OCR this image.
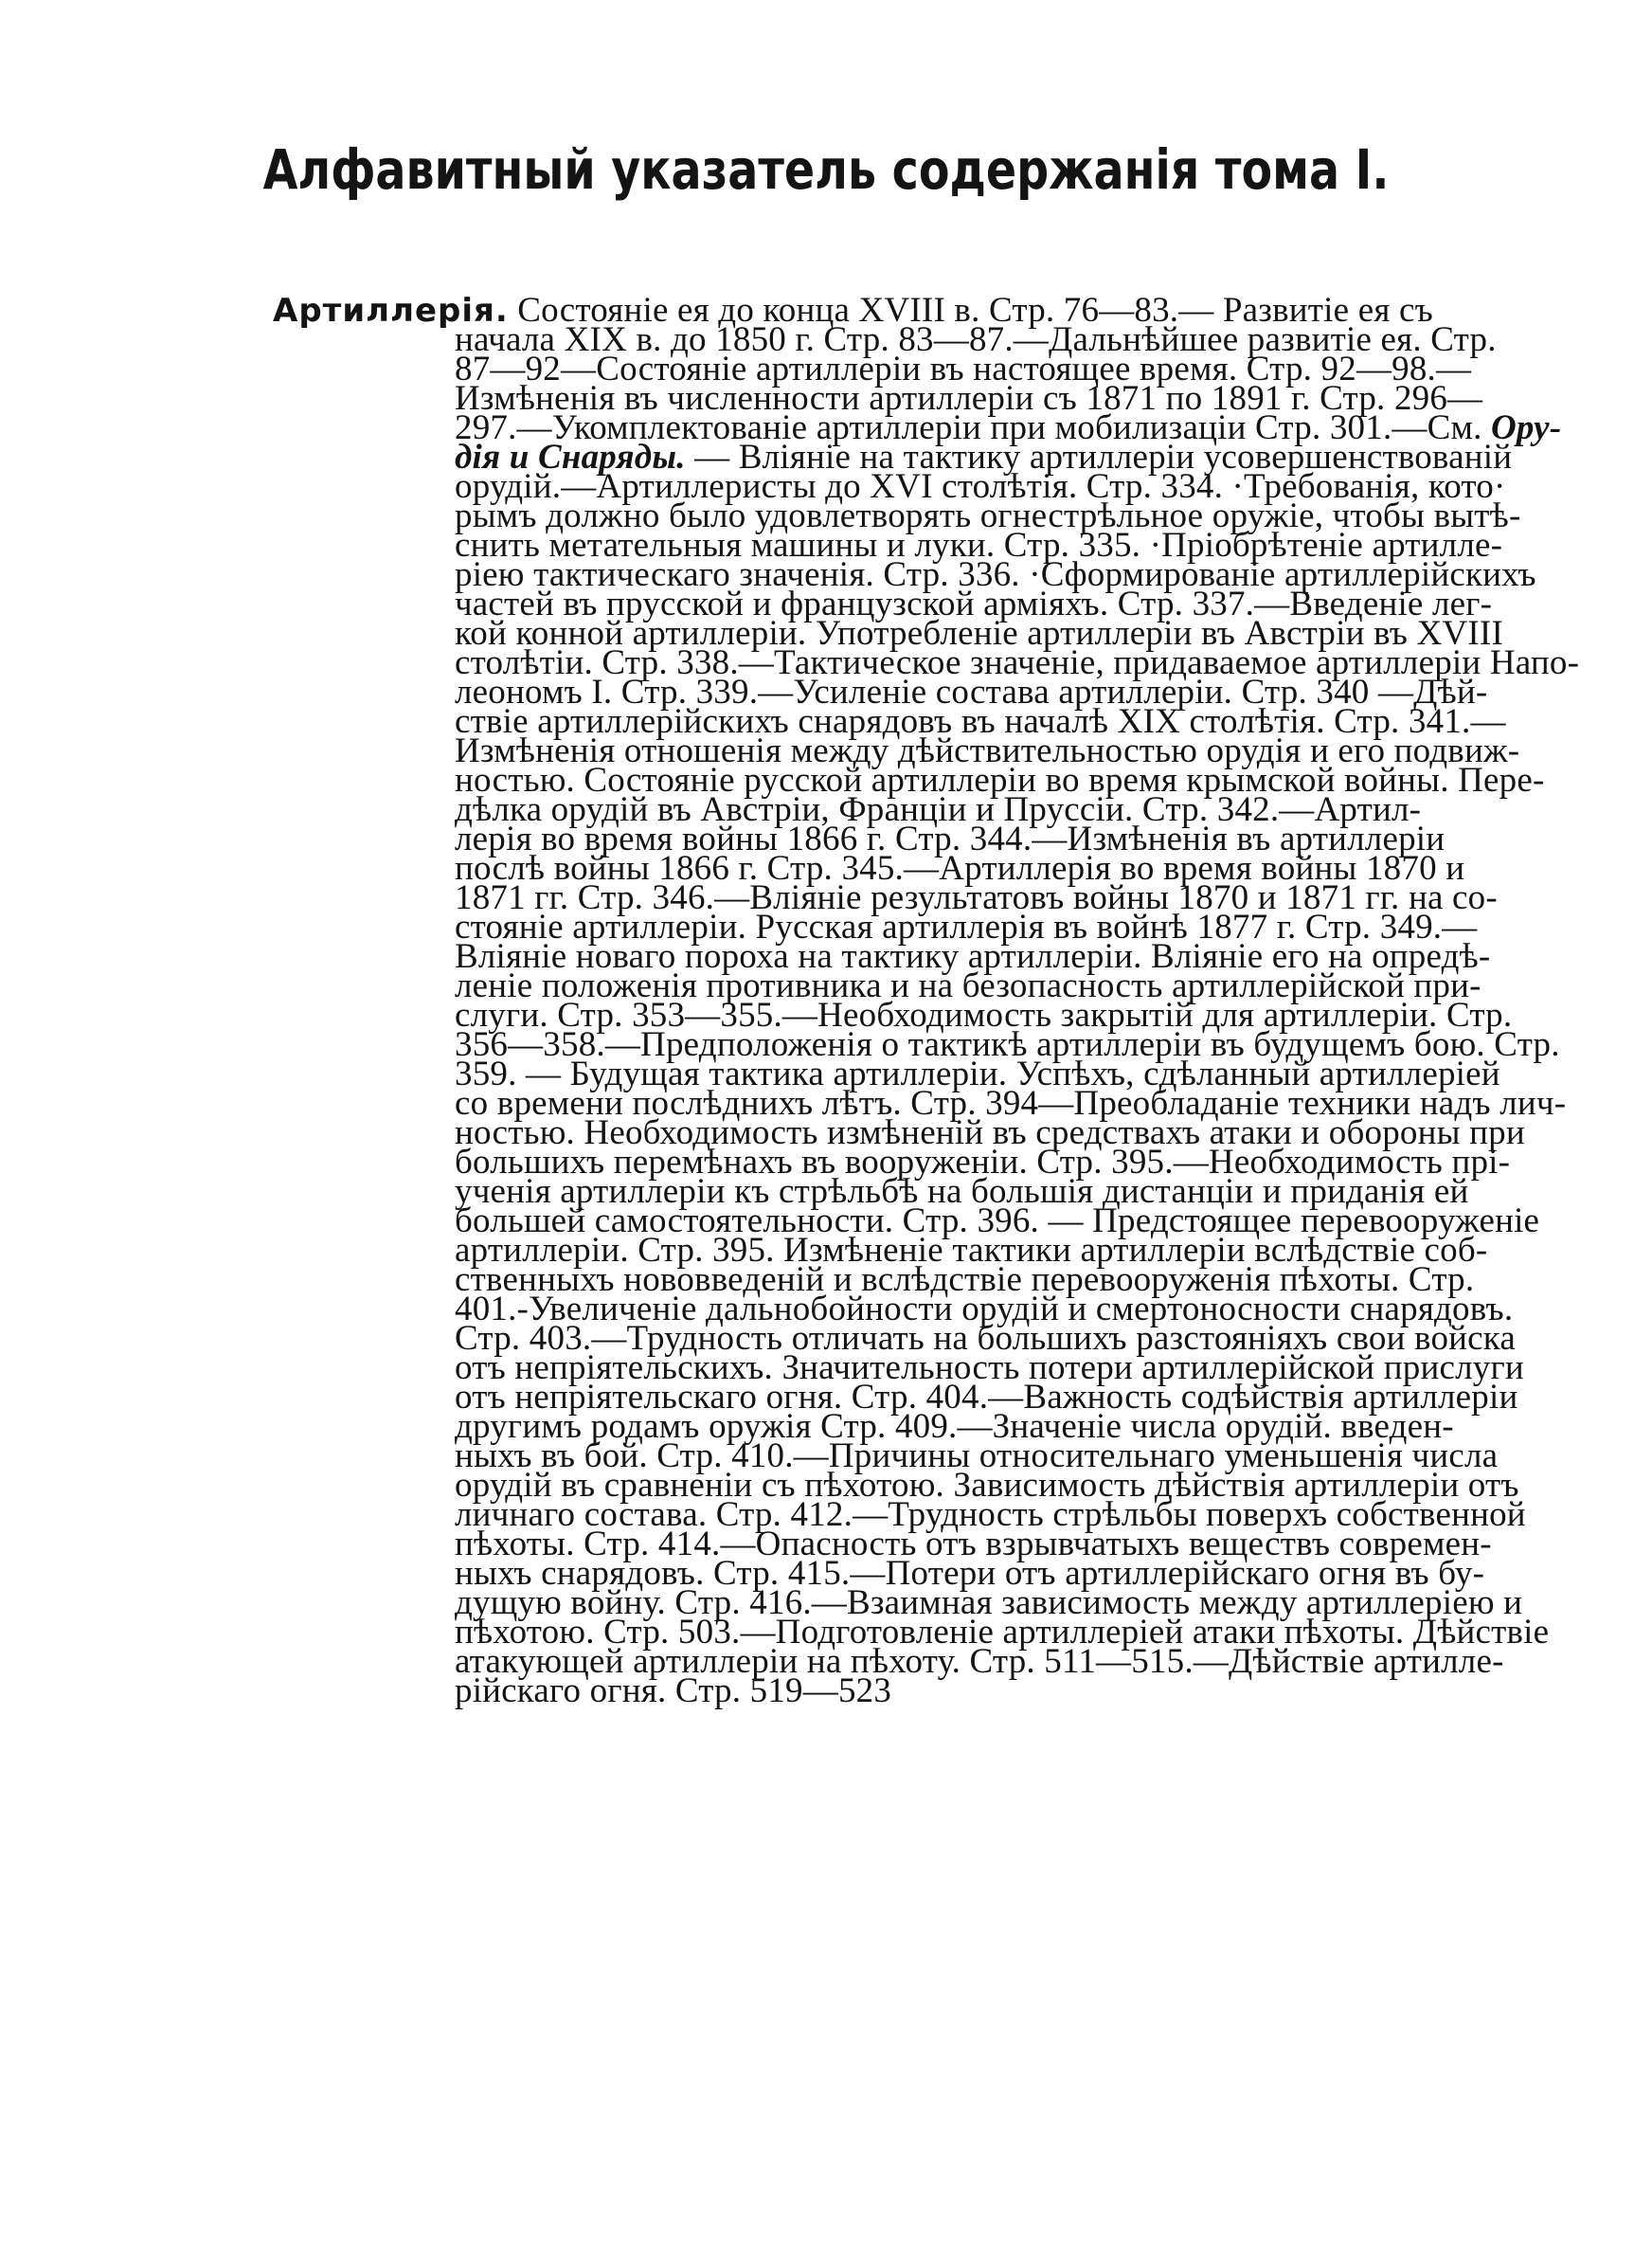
Алфавитный указатель содержанія тома I.
Артиллерія. Состояніе ея до конца XVIII в. Стр. 76—83.— Развитіе ея съ
начала XIX в. до 1850 г. Стр. 83—87.—Дальнѣйшее развитіе ея. Стр.
87—92—Состояніе артиллеріи въ настоящее время. Стр. 92—98.—
Измѣненія въ численности артиллеріи съ 1871 по 1891 г. Стр. 296—
297.—Укомплектованіе артиллеріи при мобилизаціи Стр. 301.—См. Ору-
дія и Снаряды. — Вліяніе на тактику артиллеріи усовершенствованій
орудій.—Артиллеристы до XVI столѣтія. Стр. 334. ·Требованія, кото·
рымъ должно было удовлетворять огнестрѣльное оружіе, чтобы вытѣ-
снить метательныя машины и луки. Стр. 335. ·Пріобрѣтеніе артилле-
ріею тактическаго значенія. Стр. 336. ·Сформированіе артиллерійскихъ
частей въ прусской и французской арміяхъ. Стр. 337.—Введеніе лег-
кой конной артиллеріи. Употребленіе артиллеріи въ Австріи въ XVIII
столѣтіи. Стр. 338.—Тактическое значеніе, придаваемое артиллеріи Напо-
леономъ I. Стр. 339.—Усиленіе состава артиллеріи. Стр. 340 —Дѣй-
ствіе артиллерійскихъ снарядовъ въ началѣ XIX столѣтія. Стр. 341.—
Измѣненія отношенія между дѣйствительностью орудія и его подвиж-
ностью. Состояніе русской артиллеріи во время крымской войны. Пере-
дѣлка орудій въ Австріи, Франціи и Пруссіи. Стр. 342.—Артил-
лерія во время войны 1866 г. Стр. 344.—Измѣненія въ артиллеріи
послѣ войны 1866 г. Стр. 345.—Артиллерія во время войны 1870 и
1871 гг. Стр. 346.—Вліяніе результатовъ войны 1870 и 1871 гг. на со-
стояніе артиллеріи. Русская артиллерія въ войнѣ 1877 г. Стр. 349.—
Вліяніе новаго пороха на тактику артиллеріи. Вліяніе его на опредѣ-
леніе положенія противника и на безопасность артиллерійской при-
слуги. Стр. 353—355.—Необходимость закрытій для артиллеріи. Стр.
356—358.—Предположенія о тактикѣ артиллеріи въ будущемъ бою. Стр.
359. — Будущая тактика артиллеріи. Успѣхъ, сдѣланный артиллеріей
со времени послѣднихъ лѣтъ. Стр. 394—Преобладаніе техники надъ лич-
ностью. Необходимость измѣненій въ средствахъ атаки и обороны при
большихъ перемѣнахъ въ вооруженіи. Стр. 395.—Необходимость прі-
ученія артиллеріи къ стрѣльбѣ на большія дистанціи и приданія ей
большей самостоятельности. Стр. 396. — Предстоящее перевооруженіе
артиллеріи. Стр. 395. Измѣненіе тактики артиллеріи вслѣдствіе соб-
ственныхъ нововведеній и вслѣдствіе перевооруженія пѣхоты. Стр.
401.-Увеличеніе дальнобойности орудій и смертоносности снарядовъ.
Стр. 403.—Трудность отличать на большихъ разстояніяхъ свои войска
отъ непріятельскихъ. Значительность потери артиллерійской прислуги
отъ непріятельскаго огня. Стр. 404.—Важность содѣйствія артиллеріи
другимъ родамъ оружія Стр. 409.—Значеніе числа орудій. введен-
ныхъ въ бой. Стр. 410.—Причины относительнаго уменьшенія числа
орудій въ сравненіи съ пѣхотою. Зависимость дѣйствія артиллеріи отъ
личнаго состава. Стр. 412.—Трудность стрѣльбы поверхъ собственной
пѣхоты. Стр. 414.—Опасность отъ взрывчатыхъ веществъ современ-
ныхъ снарядовъ. Стр. 415.—Потери отъ артиллерійскаго огня въ бу-
дущую войну. Стр. 416.—Взаимная зависимость между артиллеріею и
пѣхотою. Стр. 503.—Подготовленіе артиллеріей атаки пѣхоты. Дѣйствіе
атакующей артиллеріи на пѣхоту. Стр. 511—515.—Дѣйствіе артилле-
рійскаго огня. Стр. 519—523
